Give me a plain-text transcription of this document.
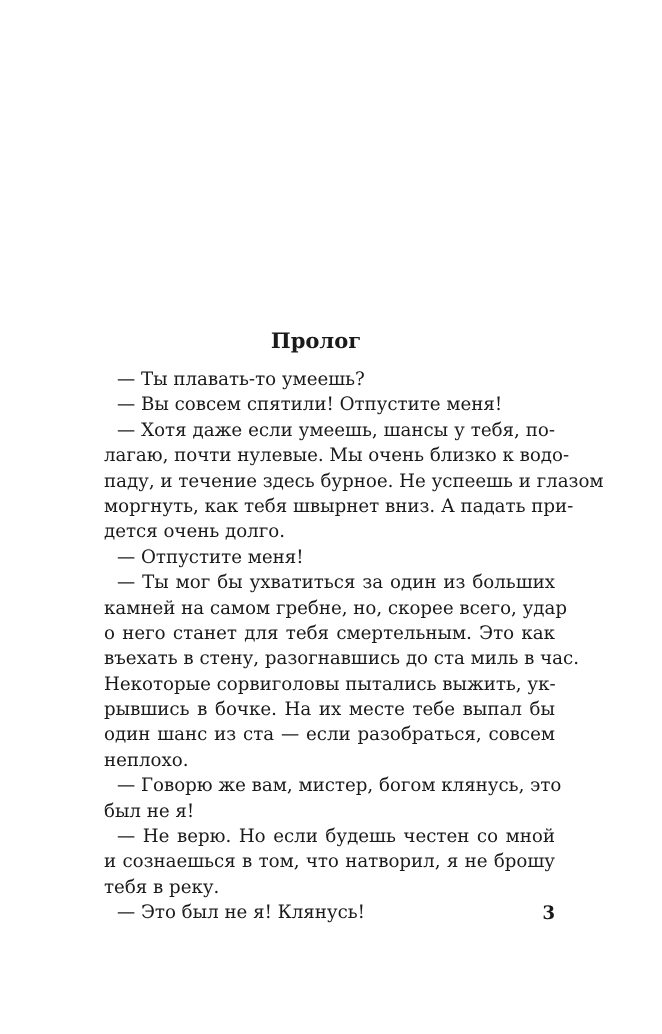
Пролог
— Ты плавать-то умеешь?
— Вы совсем спятили! Отпустите меня!
— Хотя даже если умеешь, шансы у тебя, по-
лагаю, почти нулевые. Мы очень близко к водо-
паду, и течение здесь бурное. Не успеешь и глазом
моргнуть, как тебя швырнет вниз. А падать при-
дется очень долго.
— Отпустите меня!
— Ты мог бы ухватиться за один из больших
камней на самом гребне, но, скорее всего, удар
о него станет для тебя смертельным. Это как
въехать в стену, разогнавшись до ста миль в час.
Некоторые сорвиголовы пытались выжить, ук-
рывшись в бочке. На их месте тебе выпал бы
один шанс из ста — если разобраться, совсем
неплохо.
— Говорю же вам, мистер, богом клянусь, это
был не я!
— Не верю. Но если будешь честен со мной
и сознаешься в том, что натворил, я не брошу
тебя в реку.
— Это был не я! Клянусь!	3
